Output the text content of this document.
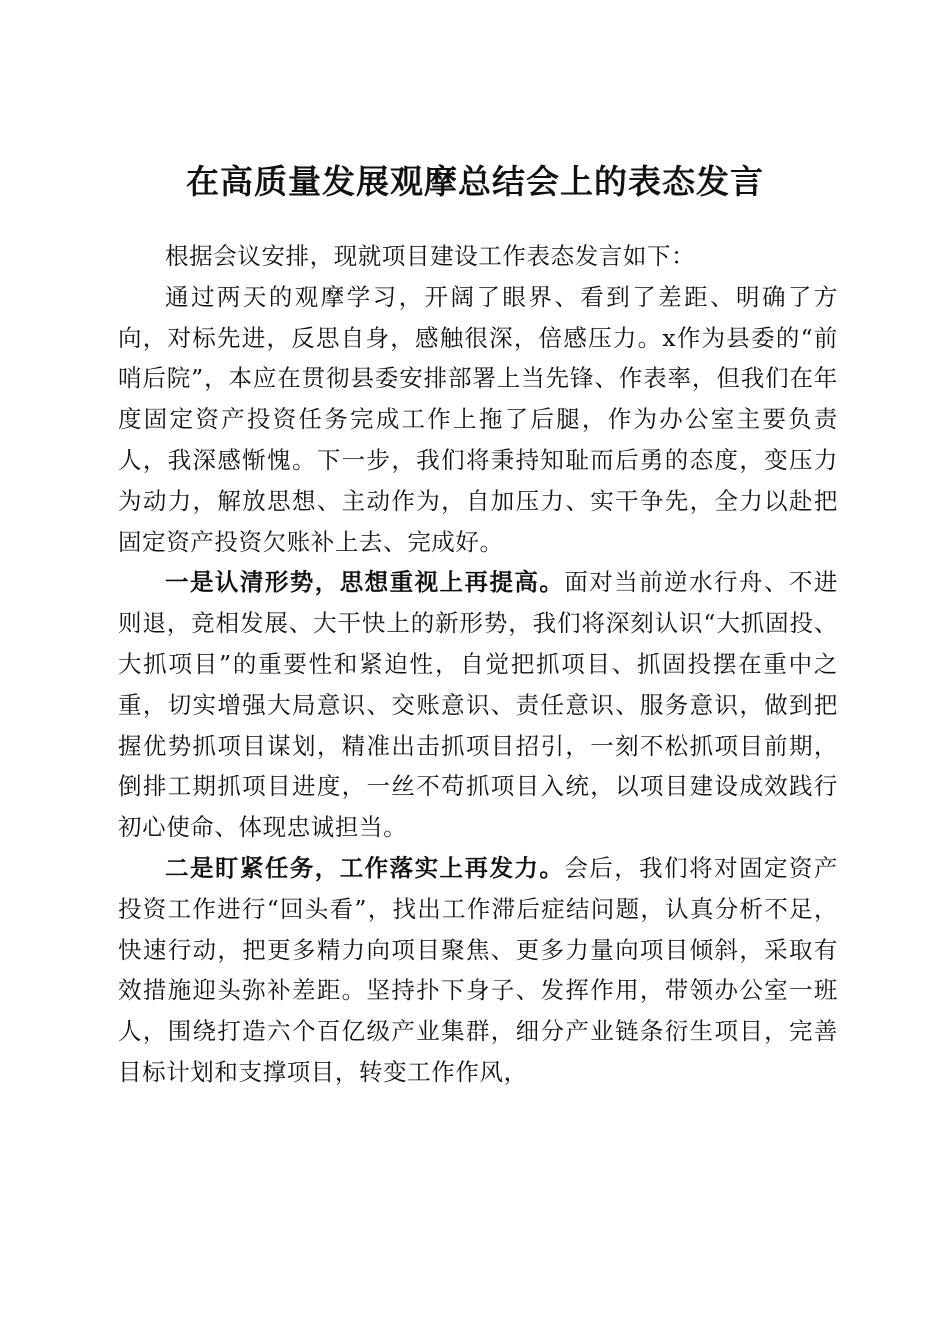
在高质量发展观摩总结会上的表态发言

根据会议安排，现就项目建设工作表态发言如下：

通过两天的观摩学习，开阔了眼界、看到了差距、明确了方向，对标先进，反思自身，感触很深，倍感压力。x作为县委的“前哨后院”，本应在贯彻县委安排部署上当先锋、作表率，但我们在年度固定资产投资任务完成工作上拖了后腿，作为办公室主要负责人，我深感惭愧。下一步，我们将秉持知耻而后勇的态度，变压力为动力，解放思想、主动作为，自加压力、实干争先，全力以赴把固定资产投资欠账补上去、完成好。

一是认清形势，思想重视上再提高。面对当前逆水行舟、不进则退，竞相发展、大干快上的新形势，我们将深刻认识“大抓固投、大抓项目”的重要性和紧迫性，自觉把抓项目、抓固投摆在重中之重，切实增强大局意识、交账意识、责任意识、服务意识，做到把握优势抓项目谋划，精准出击抓项目招引，一刻不松抓项目前期，倒排工期抓项目进度，一丝不苟抓项目入统，以项目建设成效践行初心使命、体现忠诚担当。

二是盯紧任务，工作落实上再发力。会后，我们将对固定资产投资工作进行“回头看”，找出工作滞后症结问题，认真分析不足，快速行动，把更多精力向项目聚焦、更多力量向项目倾斜，采取有效措施迎头弥补差距。坚持扑下身子、发挥作用，带领办公室一班人，围绕打造六个百亿级产业集群，细分产业链条衍生项目，完善目标计划和支撑项目，转变工作作风，
